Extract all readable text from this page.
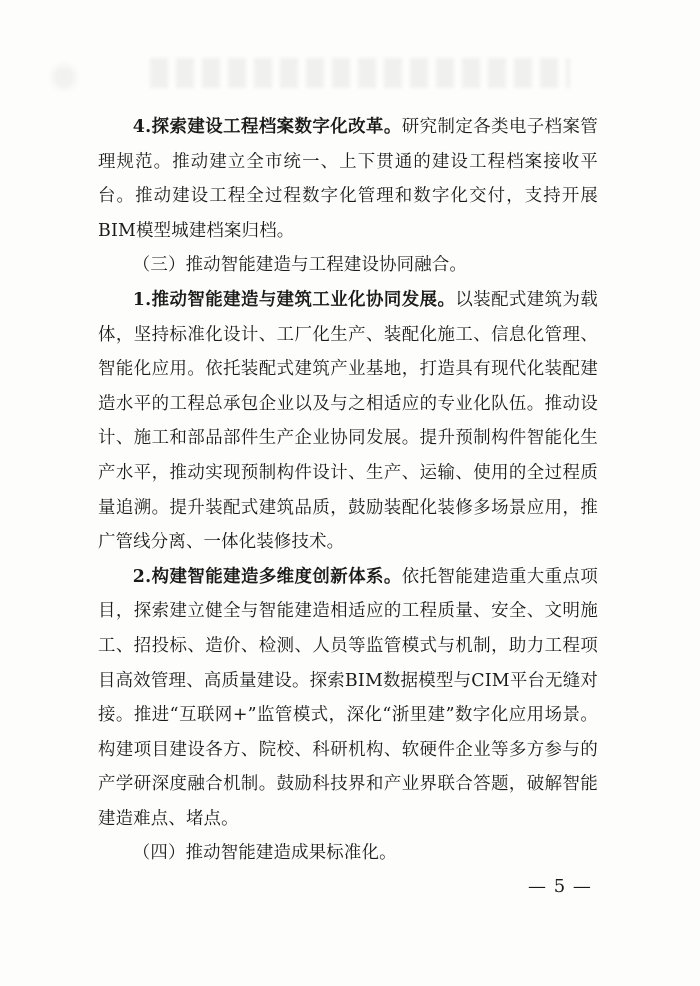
4.探索建设工程档案数字化改革。研究制定各类电子档案管理规范。推动建立全市统一、上下贯通的建设工程档案接收平台。推动建设工程全过程数字化管理和数字化交付，支持开展BIM模型城建档案归档。

（三）推动智能建造与工程建设协同融合。

1.推动智能建造与建筑工业化协同发展。以装配式建筑为载体，坚持标准化设计、工厂化生产、装配化施工、信息化管理、智能化应用。依托装配式建筑产业基地，打造具有现代化装配建造水平的工程总承包企业以及与之相适应的专业化队伍。推动设计、施工和部品部件生产企业协同发展。提升预制构件智能化生产水平，推动实现预制构件设计、生产、运输、使用的全过程质量追溯。提升装配式建筑品质，鼓励装配化装修多场景应用，推广管线分离、一体化装修技术。

2.构建智能建造多维度创新体系。依托智能建造重大重点项目，探索建立健全与智能建造相适应的工程质量、安全、文明施工、招投标、造价、检测、人员等监管模式与机制，助力工程项目高效管理、高质量建设。探索BIM数据模型与CIM平台无缝对接。推进“互联网+”监管模式，深化“浙里建”数字化应用场景。构建项目建设各方、院校、科研机构、软硬件企业等多方参与的产学研深度融合机制。鼓励科技界和产业界联合答题，破解智能建造难点、堵点。

（四）推动智能建造成果标准化。

— 5 —
